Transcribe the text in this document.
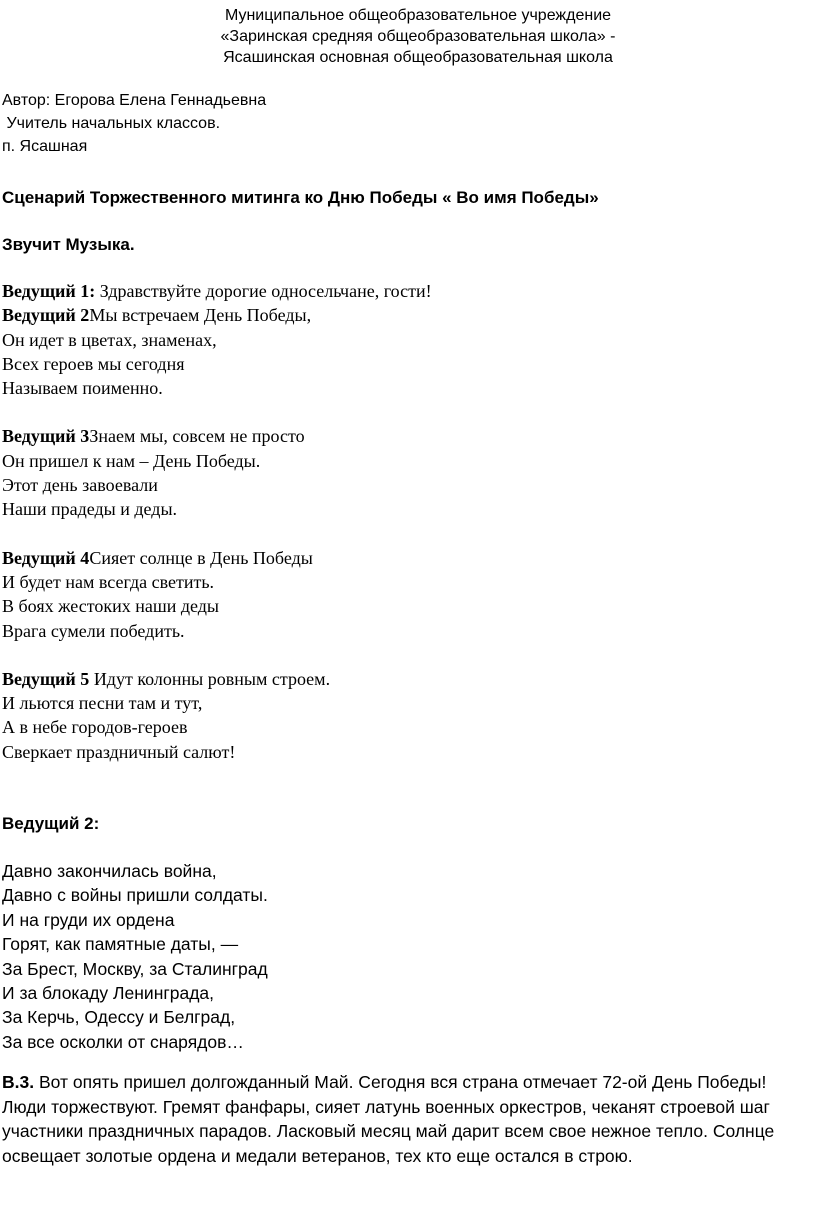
Муниципальное общеобразовательное учреждение
«Заринская средняя общеобразовательная школа» -
Ясашинская основная общеобразовательная школа
Автор: Егорова Елена Геннадьевна
Учитель начальных классов.
п. Ясашная
Сценарий Торжественного митинга ко Дню Победы « Во имя Победы»
Звучит Музыка.
Ведущий 1: Здравствуйте дорогие односельчане, гости!
Ведущий 2Мы встречаем День Победы,
Он идет в цветах, знаменах,
Всех героев мы сегодня
Называем поименно.
Ведущий 3Знаем мы, совсем не просто
Он пришел к нам – День Победы.
Этот день завоевали
Наши прадеды и деды.
Ведущий 4Сияет солнце в День Победы
И будет нам всегда светить.
В боях жестоких наши деды
Врага сумели победить.
Ведущий 5 Идут колонны ровным строем.
И льются песни там и тут,
А в небе городов-героев
Сверкает праздничный салют!
Ведущий 2:
Давно закончилась война,
Давно с войны пришли солдаты.
И на груди их ордена
Горят, как памятные даты, —
За Брест, Москву, за Сталинград
И за блокаду Ленинграда,
За Керчь, Одессу и Белград,
За все осколки от снарядов…
В.3. Вот опять пришел долгожданный Май. Сегодня вся страна отмечает 72-ой День Победы! Люди торжествуют. Гремят фанфары, сияет латунь военных оркестров, чеканят строевой шаг участники праздничных парадов. Ласковый месяц май дарит всем свое нежное тепло. Солнце освещает золотые ордена и медали ветеранов, тех кто еще остался в строю.
